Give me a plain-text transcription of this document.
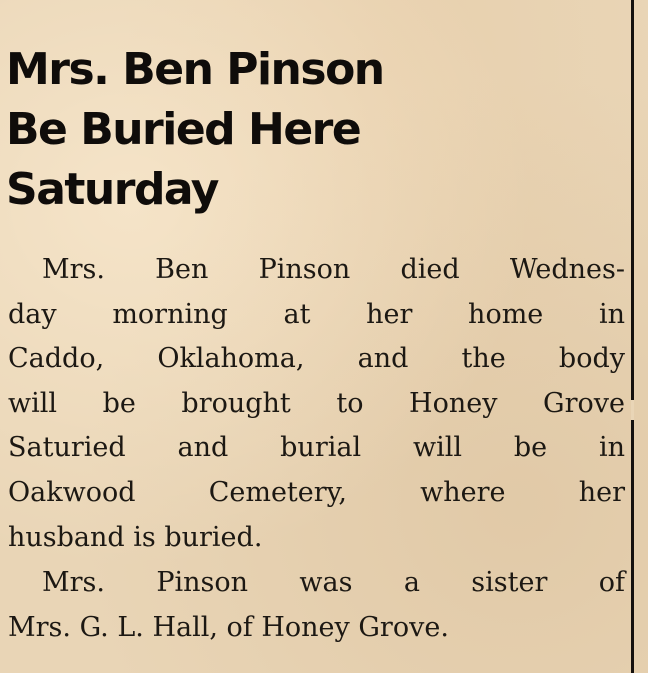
Mrs. Ben Pinson
Be Buried Here
Saturday

Mrs. Ben Pinson died Wednes-
day morning at her home in
Caddo, Oklahoma, and the body
will be brought to Honey Grove
Saturied and burial will be in
Oakwood Cemetery, where her
husband is buried.

Mrs. Pinson was a sister of
Mrs. G. L. Hall, of Honey Grove.
